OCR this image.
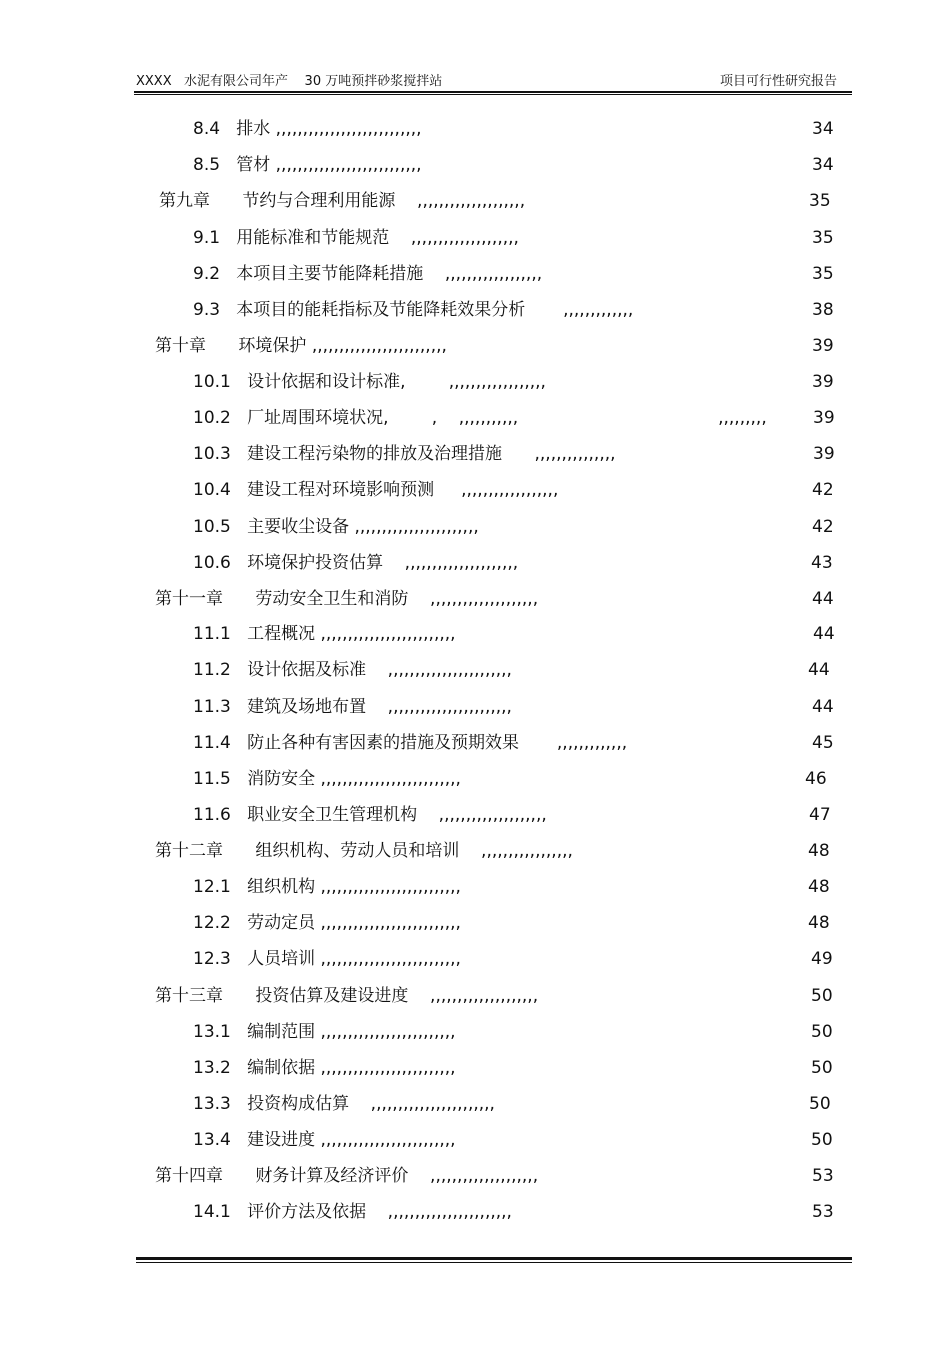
XXXX   水泥有限公司年产    30 万吨预拌砂浆搅拌站	项目可行性研究报告
8.4   排水 ,,,,,,,,,,,,,,,,,,,,,,,,,,,	34
8.5   管材 ,,,,,,,,,,,,,,,,,,,,,,,,,,,	34
第九章      节约与合理利用能源    ,,,,,,,,,,,,,,,,,,,,	35
9.1   用能标准和节能规范    ,,,,,,,,,,,,,,,,,,,,	35
9.2   本项目主要节能降耗措施    ,,,,,,,,,,,,,,,,,,	35
9.3   本项目的能耗指标及节能降耗效果分析       ,,,,,,,,,,,,,	38
第十章      环境保护 ,,,,,,,,,,,,,,,,,,,,,,,,,	39
10.1   设计依据和设计标准,        ,,,,,,,,,,,,,,,,,,	39
10.2   厂址周围环境状况,        ,    ,,,,,,,,,,,                                     ,,,,,,,,,	39
10.3   建设工程污染物的排放及治理措施      ,,,,,,,,,,,,,,,	39
10.4   建设工程对环境影响预测     ,,,,,,,,,,,,,,,,,,	42
10.5   主要收尘设备 ,,,,,,,,,,,,,,,,,,,,,,,	42
10.6   环境保护投资估算    ,,,,,,,,,,,,,,,,,,,,,	43
第十一章      劳动安全卫生和消防    ,,,,,,,,,,,,,,,,,,,,	44
11.1   工程概况 ,,,,,,,,,,,,,,,,,,,,,,,,,	44
11.2   设计依据及标准    ,,,,,,,,,,,,,,,,,,,,,,,	44
11.3   建筑及场地布置    ,,,,,,,,,,,,,,,,,,,,,,,	44
11.4   防止各种有害因素的措施及预期效果       ,,,,,,,,,,,,,	45
11.5   消防安全 ,,,,,,,,,,,,,,,,,,,,,,,,,,	46
11.6   职业安全卫生管理机构    ,,,,,,,,,,,,,,,,,,,,	47
第十二章      组织机构、劳动人员和培训    ,,,,,,,,,,,,,,,,,	48
12.1   组织机构 ,,,,,,,,,,,,,,,,,,,,,,,,,,	48
12.2   劳动定员 ,,,,,,,,,,,,,,,,,,,,,,,,,,	48
12.3   人员培训 ,,,,,,,,,,,,,,,,,,,,,,,,,,	49
第十三章      投资估算及建设进度    ,,,,,,,,,,,,,,,,,,,,	50
13.1   编制范围 ,,,,,,,,,,,,,,,,,,,,,,,,,	50
13.2   编制依据 ,,,,,,,,,,,,,,,,,,,,,,,,,	50
13.3   投资构成估算    ,,,,,,,,,,,,,,,,,,,,,,,	50
13.4   建设进度 ,,,,,,,,,,,,,,,,,,,,,,,,,	50
第十四章      财务计算及经济评价    ,,,,,,,,,,,,,,,,,,,,	53
14.1   评价方法及依据    ,,,,,,,,,,,,,,,,,,,,,,,	53
